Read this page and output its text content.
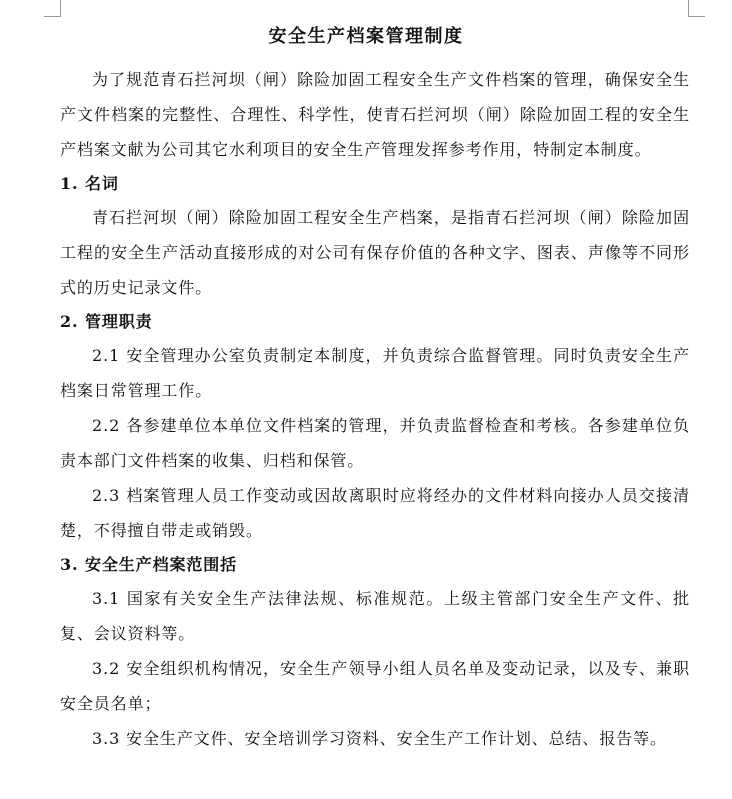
安全生产档案管理制度

为了规范青石拦河坝（闸）除险加固工程安全生产文件档案的管理，确保安全生产文件档案的完整性、合理性、科学性，使青石拦河坝（闸）除险加固工程的安全生产档案文献为公司其它水利项目的安全生产管理发挥参考作用，特制定本制度。

1. 名词

青石拦河坝（闸）除险加固工程安全生产档案，是指青石拦河坝（闸）除险加固工程的安全生产活动直接形成的对公司有保存价值的各种文字、图表、声像等不同形式的历史记录文件。

2. 管理职责

2.1 安全管理办公室负责制定本制度，并负责综合监督管理。同时负责安全生产档案日常管理工作。

2.2 各参建单位本单位文件档案的管理，并负责监督检查和考核。各参建单位负责本部门文件档案的收集、归档和保管。

2.3 档案管理人员工作变动或因故离职时应将经办的文件材料向接办人员交接清楚，不得擅自带走或销毁。

3. 安全生产档案范围括

3.1 国家有关安全生产法律法规、标准规范。上级主管部门安全生产文件、批复、会议资料等。

3.2 安全组织机构情况，安全生产领导小组人员名单及变动记录，以及专、兼职安全员名单；

3.3 安全生产文件、安全培训学习资料、安全生产工作计划、总结、报告等。
